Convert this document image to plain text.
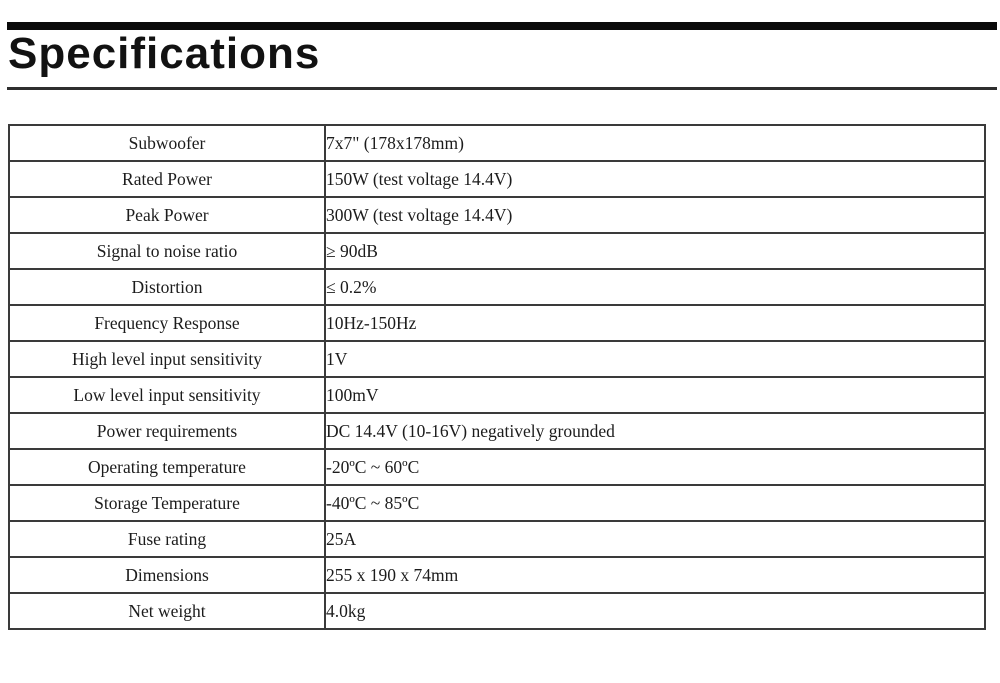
Specifications
Subwoofer	7x7" (178x178mm)
Rated Power	150W (test voltage 14.4V)
Peak Power	300W (test voltage 14.4V)
Signal to noise ratio	≥ 90dB
Distortion	≤ 0.2%
Frequency Response	10Hz-150Hz
High level input sensitivity	1V
Low level input sensitivity	100mV
Power requirements	DC 14.4V (10-16V) negatively grounded
Operating temperature	-20ºC ~ 60ºC
Storage Temperature	-40ºC ~ 85ºC
Fuse rating	25A
Dimensions	255 x 190 x 74mm
Net weight	4.0kg
